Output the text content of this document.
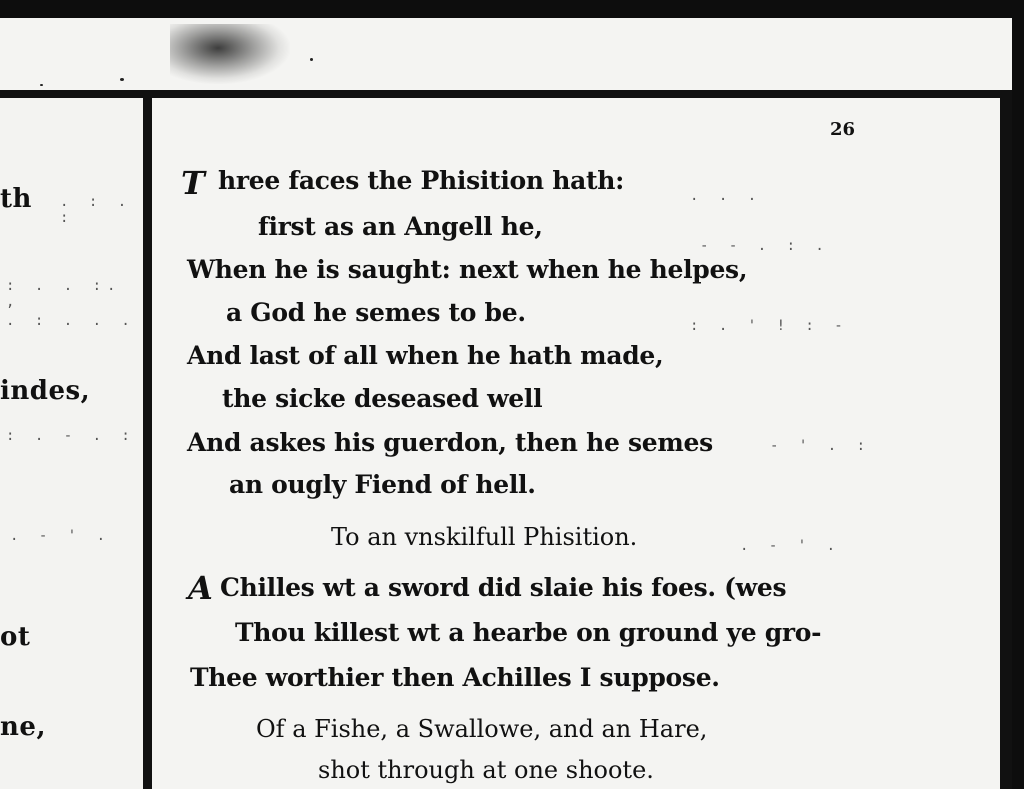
th . : . :
: . . :. ,
. : . . .
indes,
: . - . :
. - ' .
ot
ne,
26
T hree faces the Phisition hath:
first as an Angell he,
When he is saught: next when he helpes,
a God he semes to be.
And last of all when he hath made,
the sicke deseased well
And askes his guerdon, then he semes
an ougly Fiend of hell.
To an vnskilfull Phisition.
A Chilles wt a sword did slaie his foes. (wes
Thou killest wt a hearbe on ground ye gro-
Thee worthier then Achilles I suppose.
Of a Fishe, a Swallowe, and an Hare,
shot through at one shoote.
. . .
- - . : .
: . ' ! : -
- ' . :
. - ' .
